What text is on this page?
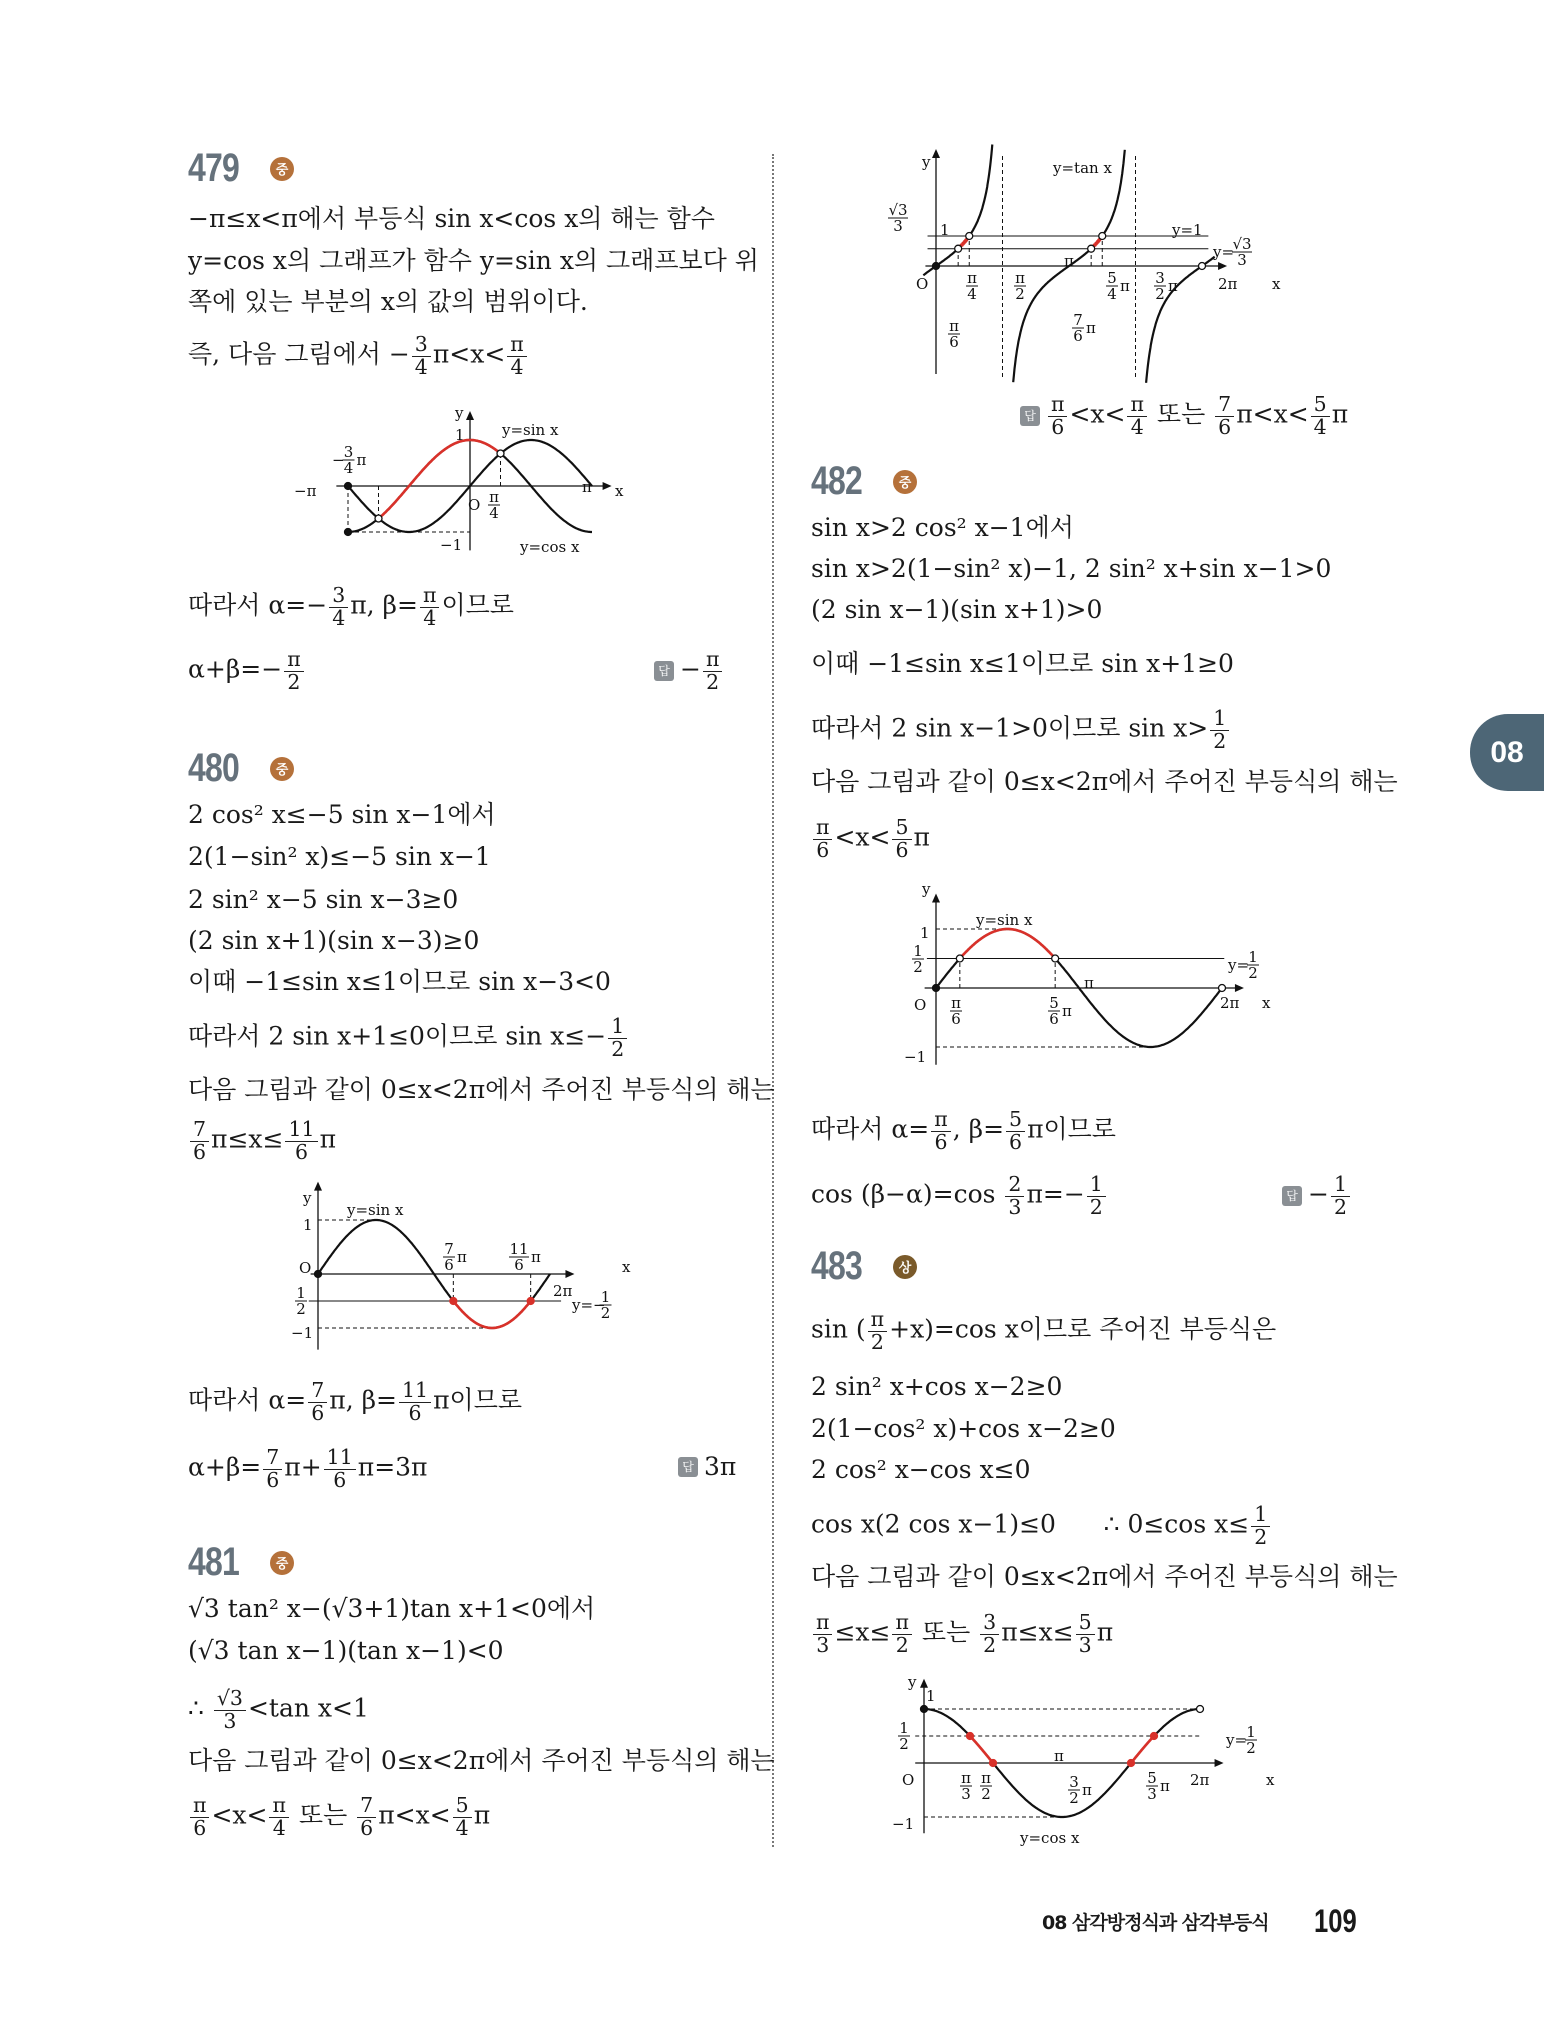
479	중
−π≤x<π에서 부등식 sin x<cos x의 해는 함수
y=cos x의 그래프가 함수 y=sin x의 그래프보다 위
쪽에 있는 부분의 x의 값의 범위이다.
즉, 다음 그림에서 − $\frac{3}{4} \pi<x< \frac{\pi}{4}$
y
1 y=sin x
− 3
4 π
−π
O π
4
π x
−1	y=cos x
따라서 $\alpha=- \frac{3}{4} \pi$, $\beta= \frac{\pi}{4}$ 이므로
$\alpha+\beta=- \frac{\pi}{2}$	답 − $\frac{\pi}{2}$
480	중
2 cos² x≤−5 sin x−1에서
2(1−sin² x)≤−5 sin x−1
2 sin² x−5 sin x−3≥0
(2 sin x+1)(sin x−3)≥0
이때 −1≤sin x≤1이므로 sin x−3<0
따라서 2 sin x+1≤0이므로 $\sin x\le- \frac{1}{2}$
다음 그림과 같이 0≤x<2π에서 주어진 부등식의 해는
$\frac{7}{6} \pi\le x\le \frac{11}{6}$ π
y
y=sin x
1
O
7
6 π	11
6 π
x
2π
y=−
1
2
1
2
−1
따라서 $\alpha= \frac{7}{6} \pi$, $\beta= \frac{11}{6}$ π이므로
$\alpha+\beta= \frac{7}{6} \pi+ \frac{11}{6} \pi=3\pi$	답 3π
481	중
√3 tan² x−(√3+1)tan x+1<0에서
(√3 tan x−1)(tan x−1)<0
∴ $\frac{√3}{3} <\tan$ x<1
다음 그림과 같이 0≤x<2π에서 주어진 부등식의 해는
$\frac{\pi}{6} <x< \frac{\pi}{4}$ 또는 $\frac{7}{6} \pi<x< \frac{5}{4}$ π
y	y=tan x
√3
3 1
O	π
4
π
6
π
2
π
5
4 π
7
6 π
3
2 π	2π x
y=1
y=
√3
3
답 $\frac{\pi}{6} <x< \frac{\pi}{4}$ 또는 $\frac{7}{6} \pi<x< \frac{5}{4}$ π
482	중
sin x>2 cos² x−1에서
sin x>2(1−sin² x)−1, 2 sin² x+sin x−1>0
(2 sin x−1)(sin x+1)>0
이때 −1≤sin x≤1이므로 sin x+1≥0
따라서 2 sin x−1>0이므로 $\sin x> \frac{1}{2}$
다음 그림과 같이 0≤x<2π에서 주어진 부등식의 해는
$\frac{\pi}{6} <x< \frac{5}{6}$ π
y
y=sin x
1
1
2
O π
6
5
6 π
π
2π x
y= 1
2
−1
따라서 $\alpha= \frac{\pi}{6}$ , $\beta= \frac{5}{6}$ π이므로
$\cos (\beta-\alpha)=\cos \frac{2}{3} \pi=- \frac{1}{2}$	답 − $\frac{1}{2}$
483	상
sin ( $\frac{\pi}{2} +x)=\cos$ x이므로 주어진 부등식은
2 sin² x+cos x−2≥0
2(1−cos² x)+cos x−2≥0
2 cos² x−cos x≤0
cos x(2 cos x−1)≤0      ∴ 0≤cos $x\le \frac{1}{2}$
다음 그림과 같이 0≤x<2π에서 주어진 부등식의 해는
$\frac{\pi}{3} \le x\le \frac{\pi}{2}$ 또는 $\frac{3}{2} \pi\le x\le \frac{5}{3}$ π
y
1
1
2
O
π
π
3
π
2
3
2 π
5
3 π 2π	x
y= 1
2
−1
y=cos x
08
08 삼각방정식과 삼각부등식 109
